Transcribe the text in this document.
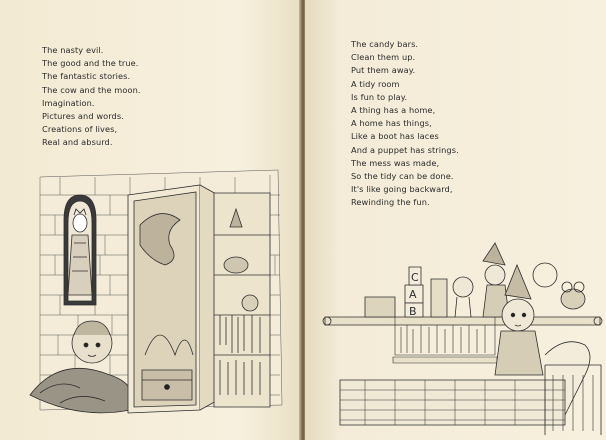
The nasty evil.
The good and the true.
The fantastic stories.
The cow and the moon.
Imagination.
Pictures and words.
Creations of lives,
Real and absurd.
The candy bars.
Clean them up.
Put them away.
A tidy room
Is fun to play.
A thing has a home,
A home has things,
Like a boot has laces
And a puppet has strings.
The mess was made,
So the tidy can be done.
It's like going backward,
Rewinding the fun.
A
B
C
